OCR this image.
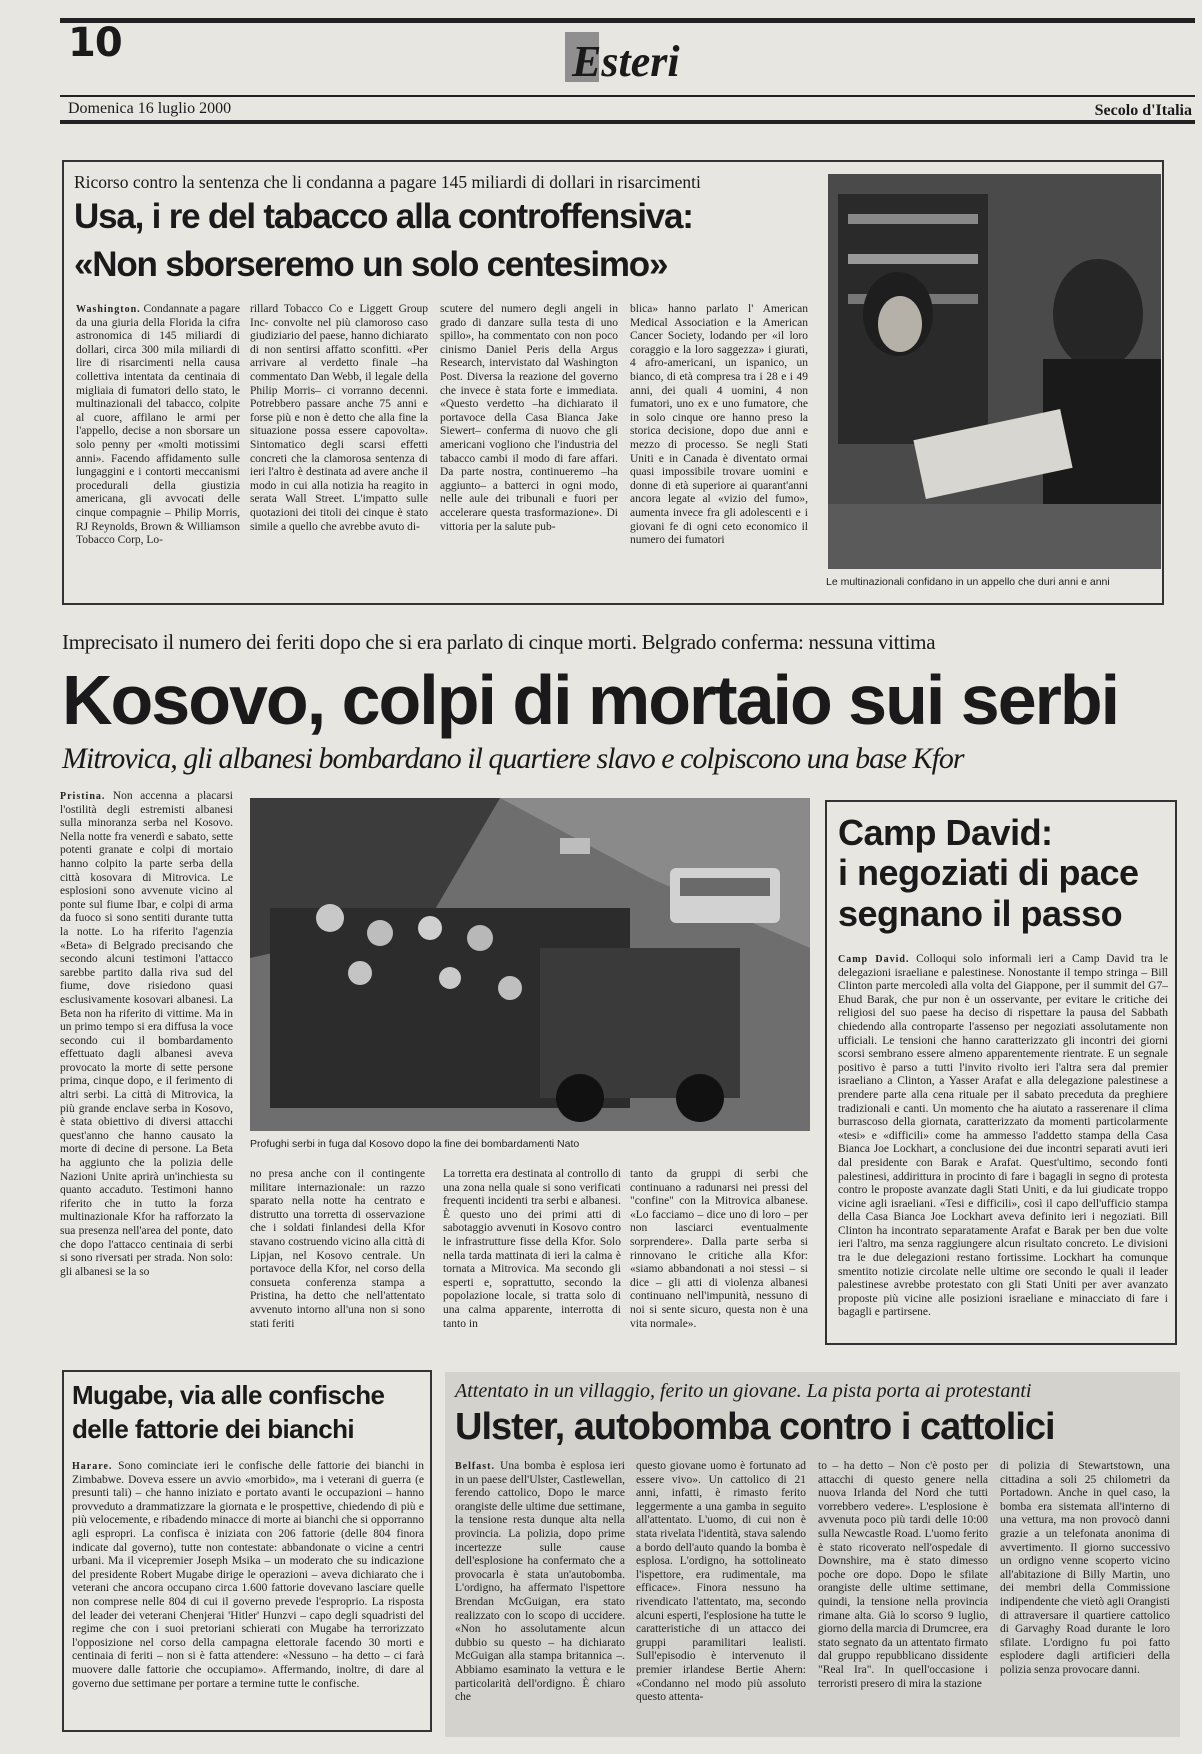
10	Esteri
Domenica 16 luglio 2000	Secolo d'Italia
Ricorso contro la sentenza che li condanna a pagare 145 miliardi di dollari in risarcimenti
Usa, i re del tabacco alla controffensiva:
«Non sborseremo un solo centesimo»
Washington. Condannate a pagare da una giuria della Florida la cifra astronomica di 145 miliardi di dollari, circa 300 mila miliardi di lire di risarcimenti nella causa collettiva intentata da centinaia di migliaia di fumatori dello stato, le multinazionali del tabacco, colpite al cuore, affilano le armi per l'appello, decise a non sborsare un solo penny per «molti motissimi anni». Facendo affidamento sulle lungaggini e i contorti meccanismi procedurali della giustizia americana, gli avvocati delle cinque compagnie – Philip Morris, RJ Reynolds, Brown & Williamson Tobacco Corp, Lo-
rillard Tobacco Co e Liggett Group Inc- convolte nel più clamoroso caso giudiziario del paese, hanno dichiarato di non sentirsi affatto sconfitti. «Per arrivare al verdetto finale –ha commentato Dan Webb, il legale della Philip Morris– ci vorranno decenni. Potrebbero passare anche 75 anni e forse più e non è detto che alla fine la situazione possa essere capovolta». Sintomatico degli scarsi effetti concreti che la clamorosa sentenza di ieri l'altro è destinata ad avere anche il modo in cui alla notizia ha reagito in serata Wall Street. L'impatto sulle quotazioni dei titoli dei cinque è stato simile a quello che avrebbe avuto di-
scutere del numero degli angeli in grado di danzare sulla testa di uno spillo», ha commentato con non poco cinismo Daniel Peris della Argus Research, intervistato dal Washington Post. Diversa la reazione del governo che invece è stata forte e immediata. «Questo verdetto –ha dichiarato il portavoce della Casa Bianca Jake Siewert– conferma di nuovo che gli americani vogliono che l'industria del tabacco cambi il modo di fare affari. Da parte nostra, continueremo –ha aggiunto– a batterci in ogni modo, nelle aule dei tribunali e fuori per accelerare questa trasformazione». Di vittoria per la salute pub-
blica» hanno parlato l' American Medical Association e la American Cancer Society, lodando per «il loro coraggio e la loro saggezza» i giurati, 4 afro-americani, un ispanico, un bianco, di età compresa tra i 28 e i 49 anni, dei quali 4 uomini, 4 non fumatori, uno ex e uno fumatore, che in solo cinque ore hanno preso la storica decisione, dopo due anni e mezzo di processo. Se negli Stati Uniti e in Canada è diventato ormai quasi impossibile trovare uomini e donne di età superiore ai quarant'anni ancora legate al «vizio del fumo», aumenta invece fra gli adolescenti e i giovani fe di ogni ceto economico il numero dei fumatori
Le multinazionali confidano in un appello che duri anni e anni
Imprecisato il numero dei feriti dopo che si era parlato di cinque morti. Belgrado conferma: nessuna vittima
Kosovo, colpi di mortaio sui serbi
Mitrovica, gli albanesi bombardano il quartiere slavo e colpiscono una base Kfor
Pristina. Non accenna a placarsi l'ostilità degli estremisti albanesi sulla minoranza serba nel Kosovo. Nella notte fra venerdì e sabato, sette potenti granate e colpi di mortaio hanno colpito la parte serba della città kosovara di Mitrovica. Le esplosioni sono avvenute vicino al ponte sul fiume Ibar, e colpi di arma da fuoco si sono sentiti durante tutta la notte. Lo ha riferito l'agenzia «Beta» di Belgrado precisando che secondo alcuni testimoni l'attacco sarebbe partito dalla riva sud del fiume, dove risiedono quasi esclusivamente kosovari albanesi. La Beta non ha riferito di vittime. Ma in un primo tempo si era diffusa la voce secondo cui il bombardamento effettuato dagli albanesi aveva provocato la morte di sette persone prima, cinque dopo, e il ferimento di altri serbi. La città di Mitrovica, la più grande enclave serba in Kosovo, è stata obiettivo di diversi attacchi quest'anno che hanno causato la morte di decine di persone. La Beta ha aggiunto che la polizia delle Nazioni Unite aprirà un'inchiesta su quanto accaduto. Testimoni hanno riferito che in tutto la forza multinazionale Kfor ha rafforzato la sua presenza nell'area del ponte, dato che dopo l'attacco centinaia di serbi si sono riversati per strada. Non solo: gli albanesi se la so
Profughi serbi in fuga dal Kosovo dopo la fine dei bombardamenti Nato
no presa anche con il contingente militare internazionale: un razzo sparato nella notte ha centrato e distrutto una torretta di osservazione che i soldati finlandesi della Kfor stavano costruendo vicino alla città di Lipjan, nel Kosovo centrale. Un portavoce della Kfor, nel corso della consueta conferenza stampa a Pristina, ha detto che nell'attentato avvenuto intorno all'una non si sono stati feriti
La torretta era destinata al controllo di una zona nella quale si sono verificati frequenti incidenti tra serbi e albanesi. È questo uno dei primi atti di sabotaggio avvenuti in Kosovo contro le infrastrutture fisse della Kfor. Solo nella tarda mattinata di ieri la calma è tornata a Mitrovica. Ma secondo gli esperti e, soprattutto, secondo la popolazione locale, si tratta solo di una calma apparente, interrotta di tanto in
tanto da gruppi di serbi che continuano a radunarsi nei pressi del "confine" con la Mitrovica albanese. «Lo facciamo – dice uno di loro – per non lasciarci eventualmente sorprendere». Dalla parte serba si rinnovano le critiche alla Kfor: «siamo abbandonati a noi stessi – si dice – gli atti di violenza albanesi continuano nell'impunità, nessuno di noi si sente sicuro, questa non è una vita normale».
Camp David:
i negoziati di pace
segnano il passo
Camp David. Colloqui solo informali ieri a Camp David tra le delegazioni israeliane e palestinese. Nonostante il tempo stringa – Bill Clinton parte mercoledì alla volta del Giappone, per il summit del G7– Ehud Barak, che pur non è un osservante, per evitare le critiche dei religiosi del suo paese ha deciso di rispettare la pausa del Sabbath chiedendo alla controparte l'assenso per negoziati assolutamente non ufficiali. Le tensioni che hanno caratterizzato gli incontri dei giorni scorsi sembrano essere almeno apparentemente rientrate. E un segnale positivo è parso a tutti l'invito rivolto ieri l'altra sera dal premier israeliano a Clinton, a Yasser Arafat e alla delegazione palestinese a prendere parte alla cena rituale per il sabato preceduta da preghiere tradizionali e canti. Un momento che ha aiutato a rasserenare il clima burrascoso della giornata, caratterizzato da momenti particolarmente «tesi» e «difficili» come ha ammesso l'addetto stampa della Casa Bianca Joe Lockhart, a conclusione dei due incontri separati avuti ieri dal presidente con Barak e Arafat. Quest'ultimo, secondo fonti palestinesi, addirittura in procinto di fare i bagagli in segno di protesta contro le proposte avanzate dagli Stati Uniti, e da lui giudicate troppo vicine agli israeliani. «Tesi e difficili», così il capo dell'ufficio stampa della Casa Bianca Joe Lockhart aveva definito ieri i negoziati. Bill Clinton ha incontrato separatamente Arafat e Barak per ben due volte ieri l'altro, ma senza raggiungere alcun risultato concreto. Le divisioni tra le due delegazioni restano fortissime. Lockhart ha comunque smentito notizie circolate nelle ultime ore secondo le quali il leader palestinese avrebbe protestato con gli Stati Uniti per aver avanzato proposte più vicine alle posizioni israeliane e minacciato di fare i bagagli e partirsene.
Mugabe, via alle confische
delle fattorie dei bianchi
Harare. Sono cominciate ieri le confische delle fattorie dei bianchi in Zimbabwe. Doveva essere un avvio «morbido», ma i veterani di guerra (e presunti tali) – che hanno iniziato e portato avanti le occupazioni – hanno provveduto a drammatizzare la giornata e le prospettive, chiedendo di più e più velocemente, e ribadendo minacce di morte ai bianchi che si opporranno agli espropri. La confisca è iniziata con 206 fattorie (delle 804 finora indicate dal governo), tutte non contestate: abbandonate o vicine a centri urbani. Ma il vicepremier Joseph Msika – un moderato che su indicazione del presidente Robert Mugabe dirige le operazioni – aveva dichiarato che i veterani che ancora occupano circa 1.600 fattorie dovevano lasciare quelle non comprese nelle 804 di cui il governo prevede l'esproprio. La risposta del leader dei veterani Chenjerai 'Hitler' Hunzvi – capo degli squadristi del regime che con i suoi pretoriani schierati con Mugabe ha terrorizzato l'opposizione nel corso della campagna elettorale facendo 30 morti e centinaia di feriti – non si è fatta attendere: «Nessuno – ha detto – ci farà muovere dalle fattorie che occupiamo». Affermando, inoltre, di dare al governo due settimane per portare a termine tutte le confische.
Attentato in un villaggio, ferito un giovane. La pista porta ai protestanti
Ulster, autobomba contro i cattolici
Belfast. Una bomba è esplosa ieri in un paese dell'Ulster, Castlewellan, ferendo cattolico, Dopo le marce orangiste delle ultime due settimane, la tensione resta dunque alta nella provincia. La polizia, dopo prime incertezze sulle cause dell'esplosione ha confermato che a provocarla è stata un'autobomba. L'ordigno, ha affermato l'ispettore Brendan McGuigan, era stato realizzato con lo scopo di uccidere. «Non ho assolutamente alcun dubbio su questo – ha dichiarato McGuigan alla stampa britannica –. Abbiamo esaminato la vettura e le particolarità dell'ordigno. È chiaro che
questo giovane uomo è fortunato ad essere vivo». Un cattolico di 21 anni, infatti, è rimasto ferito leggermente a una gamba in seguito all'attentato. L'uomo, di cui non è stata rivelata l'identità, stava salendo a bordo dell'auto quando la bomba è esplosa. L'ordigno, ha sottolineato l'ispettore, era rudimentale, ma efficace». Finora nessuno ha rivendicato l'attentato, ma, secondo alcuni esperti, l'esplosione ha tutte le caratteristiche di un attacco dei gruppi paramilitari lealisti. Sull'episodio è intervenuto il premier irlandese Bertie Ahern: «Condanno nel modo più assoluto questo attenta-
to – ha detto – Non c'è posto per attacchi di questo genere nella nuova Irlanda del Nord che tutti vorrebbero vedere». L'esplosione è avvenuta poco più tardi delle 10:00 sulla Newcastle Road. L'uomo ferito è stato ricoverato nell'ospedale di Downshire, ma è stato dimesso poche ore dopo. Dopo le sfilate orangiste delle ultime settimane, quindi, la tensione nella provincia rimane alta. Già lo scorso 9 luglio, giorno della marcia di Drumcree, era stato segnato da un attentato firmato dal gruppo repubblicano dissidente "Real Ira". In quell'occasione i terroristi presero di mira la stazione
di polizia di Stewartstown, una cittadina a soli 25 chilometri da Portadown. Anche in quel caso, la bomba era sistemata all'interno di una vettura, ma non provocò danni grazie a un telefonata anonima di avvertimento. Il giorno successivo un ordigno venne scoperto vicino all'abitazione di Billy Martin, uno dei membri della Commissione indipendente che vietò agli Orangisti di attraversare il quartiere cattolico di Garvaghy Road durante le loro sfilate. L'ordigno fu poi fatto esplodere dagli artificieri della polizia senza provocare danni.
